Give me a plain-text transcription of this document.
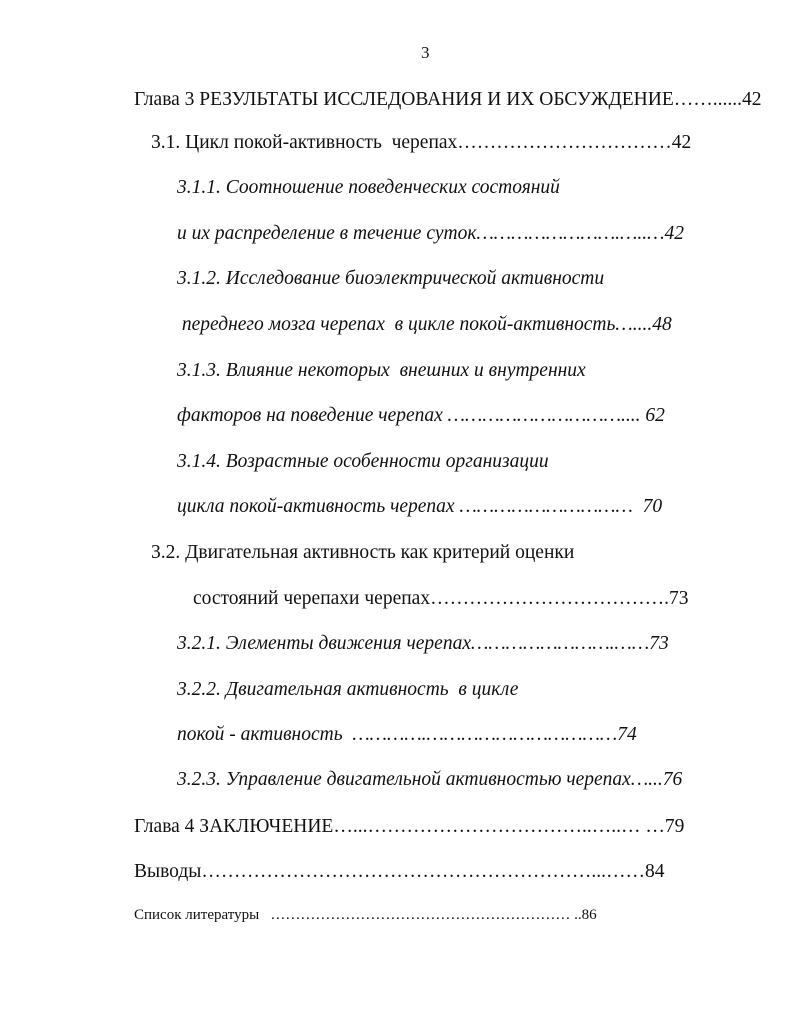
3
Глава 3 РЕЗУЛЬТАТЫ ИССЛЕДОВАНИЯ И ИХ ОБСУЖДЕНИЕ……......42
3.1. Цикл покой-активность  черепах……………………………42
3.1.1. Соотношение поведенческих состояний
и их распределение в течение суток…………………….…..…42
3.1.2. Исследование биоэлектрической активности
переднего мозга черепах  в цикле покой-активность…....48
3.1.3. Влияние некоторых  внешних и внутренних
факторов на поведение черепах ………………………….... 62
3.1.4. Возрастные особенности организации
цикла покой-активность черепах …………………………  70
3.2. Двигательная активность как критерий оценки
состояний черепахи черепах……………………………….73
3.2.1. Элементы движения черепах…………………….……73
3.2.2. Двигательная активность  в цикле
покой - активность  ………….……………………………74
3.2.3. Управление двигательной активностью черепах…...76
Глава 4 ЗАКЛЮЧЕНИЕ…...……………………………..…..… …79
Выводы……………………………………………………...……84
Список литературы   …………………………………………………… ..86
